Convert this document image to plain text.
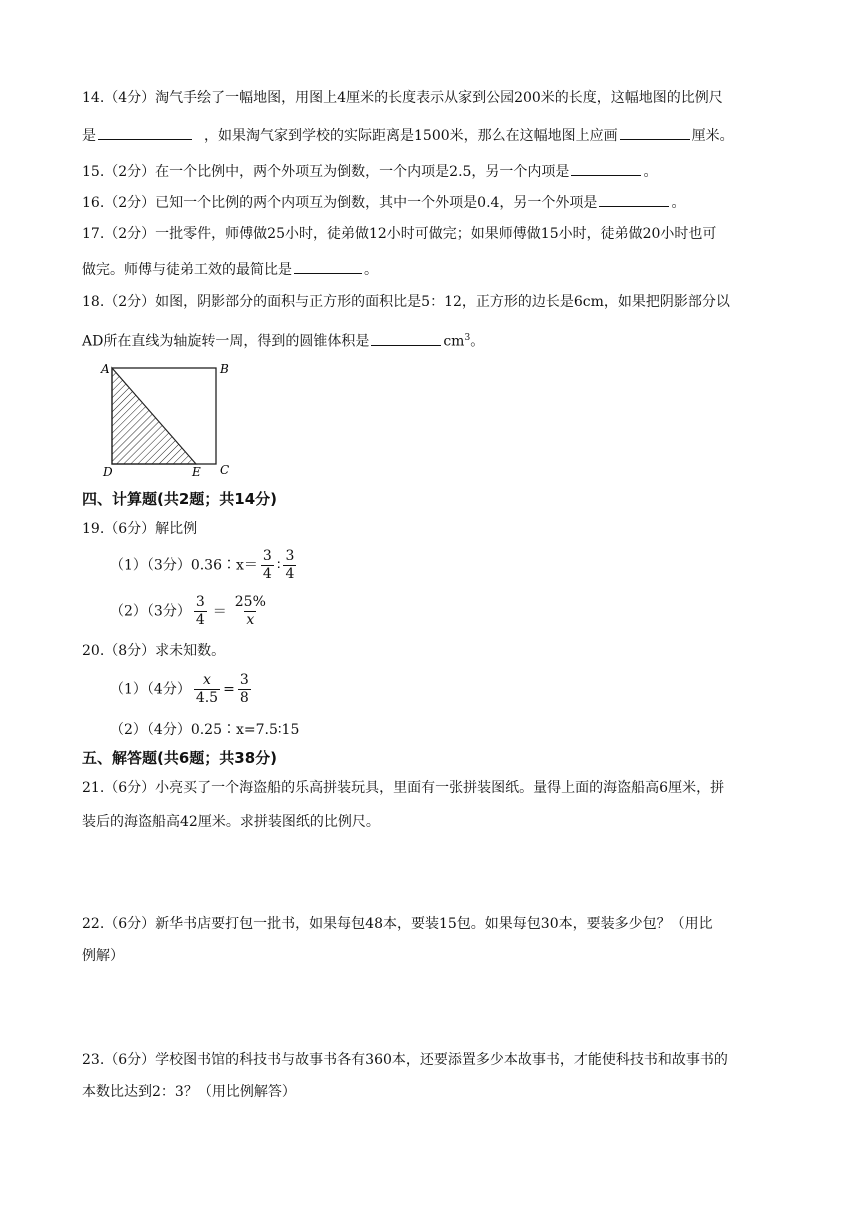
14.（4分）淘气手绘了一幅地图，用图上4厘米的长度表示从家到公园200米的长度，这幅地图的比例尺
是	，如果淘气家到学校的实际距离是1500米，那么在这幅地图上应画	厘米。
15.（2分）在一个比例中，两个外项互为倒数，一个内项是2.5，另一个内项是	。
16.（2分）已知一个比例的两个内项互为倒数，其中一个外项是0.4，另一个外项是	。
17.（2分）一批零件，师傅做25小时，徒弟做12小时可做完；如果师傅做15小时，徒弟做20小时也可
做完。师傅与徒弟工效的最简比是	。
18.（2分）如图，阴影部分的面积与正方形的面积比是5：12，正方形的边长是6cm，如果把阴影部分以
AD所在直线为轴旋转一周，得到的圆锥体积是	$cm^3$。
A	B
C
D	E
四、计算题(共2题；共14分)
19.（6分）解比例
（1）（3分）0.36∶x＝ $\frac{3}{4}$ ∶ $\frac{3}{4}$
（2）（3分） $\frac{3}{4} = \frac{25\%}{x}$
20.（8分）求未知数。
（1）（4分） $\frac{x}{4.5} = \frac{3}{8}$
（2）（4分）0.25∶x=7.5∶15
五、解答题(共6题；共38分)
21.（6分）小亮买了一个海盗船的乐高拼装玩具，里面有一张拼装图纸。量得上面的海盗船高6厘米，拼
装后的海盗船高42厘米。求拼装图纸的比例尺。
22.（6分）新华书店要打包一批书，如果每包48本，要装15包。如果每包30本，要装多少包？（用比
例解）
23.（6分）学校图书馆的科技书与故事书各有360本，还要添置多少本故事书，才能使科技书和故事书的
本数比达到2：3？（用比例解答）
